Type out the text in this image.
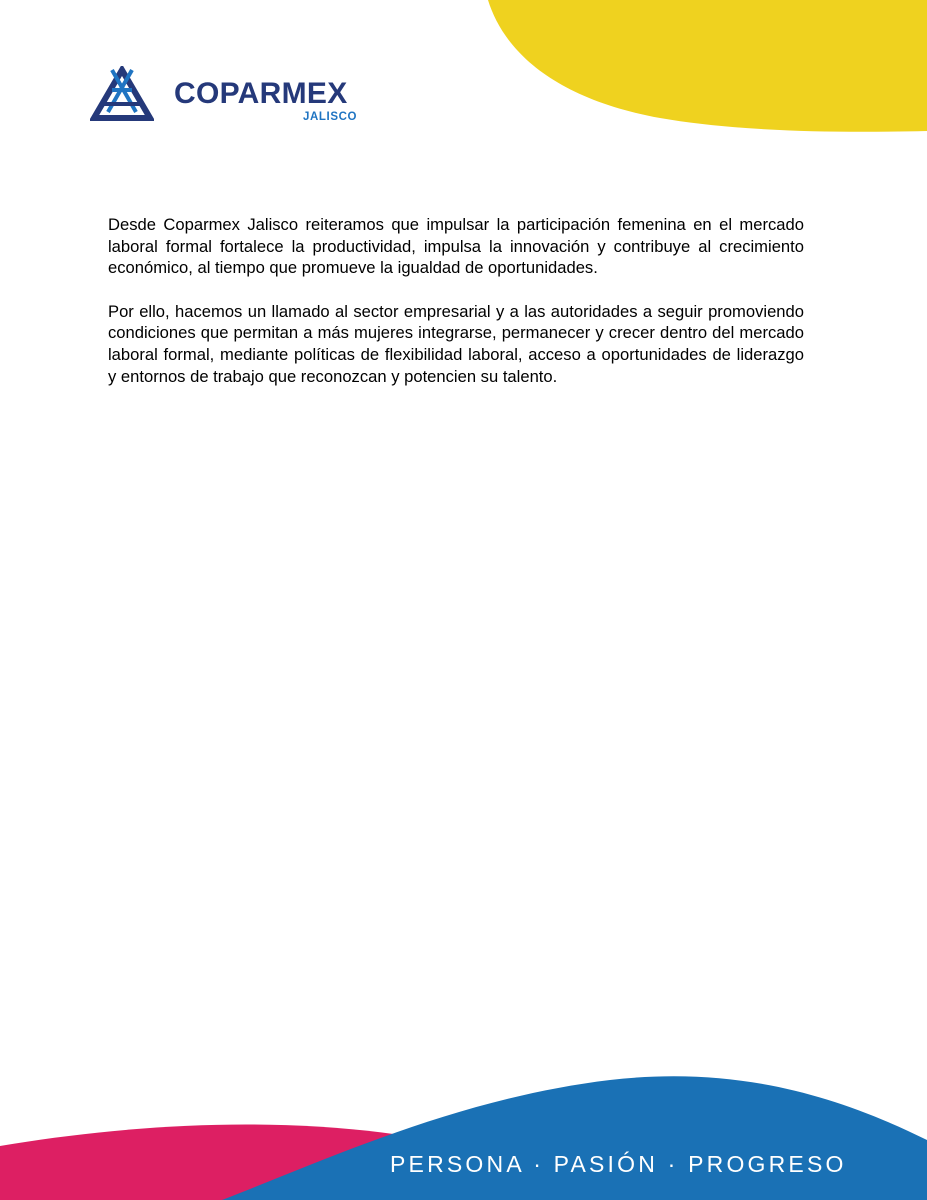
COPARMEX
JALISCO

Desde Coparmex Jalisco reiteramos que impulsar la participación femenina en el mercado laboral formal fortalece la productividad, impulsa la innovación y contribuye al crecimiento económico, al tiempo que promueve la igualdad de oportunidades.

Por ello, hacemos un llamado al sector empresarial y a las autoridades a seguir promoviendo condiciones que permitan a más mujeres integrarse, permanecer y crecer dentro del mercado laboral formal, mediante políticas de flexibilidad laboral, acceso a oportunidades de liderazgo y entornos de trabajo que reconozcan y potencien su talento.

PERSONA · PASIÓN · PROGRESO
